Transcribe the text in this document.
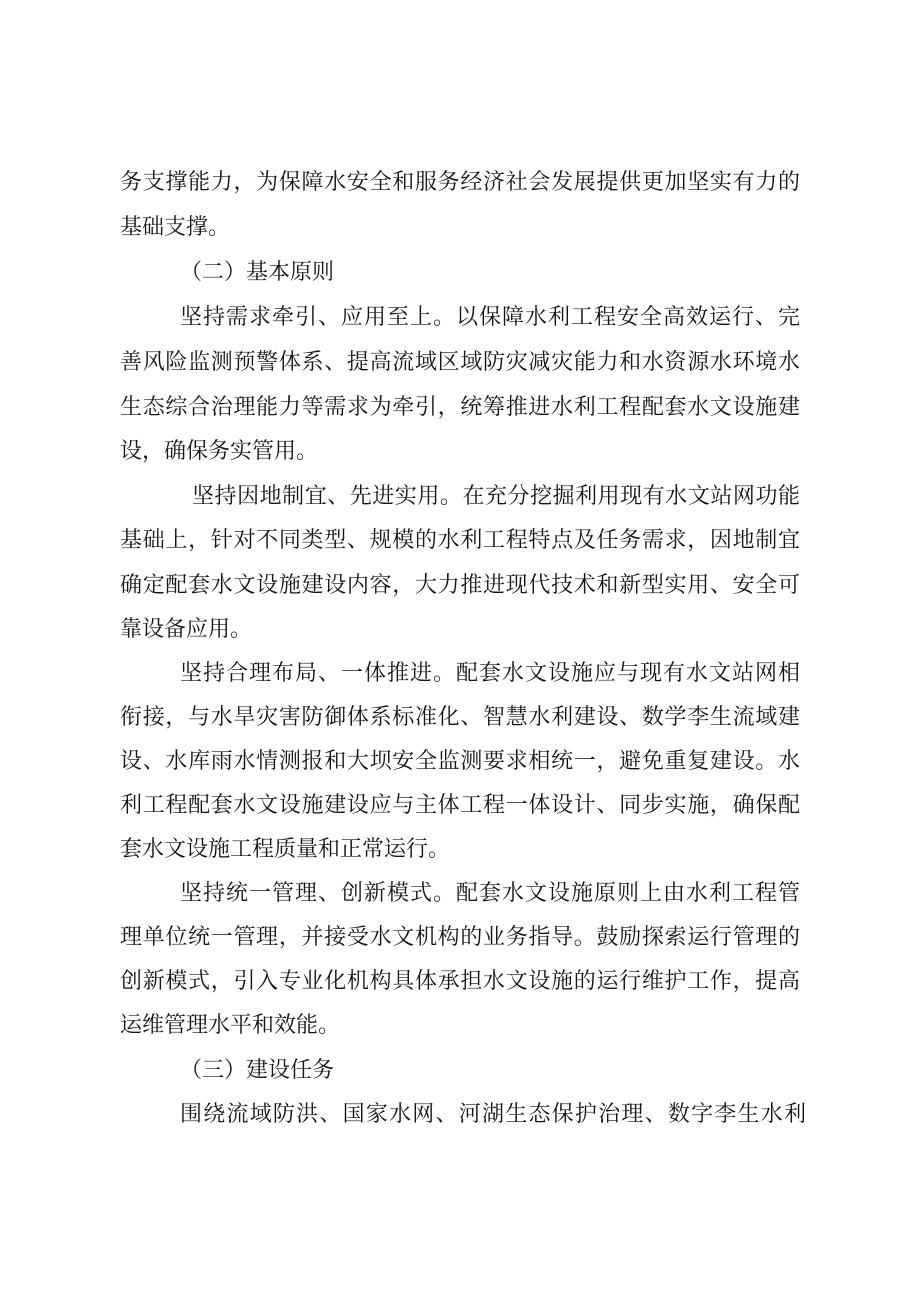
务支撑能力，为保障水安全和服务经济社会发展提供更加坚实有力的
基础支撑。
（二）基本原则
坚持需求牵引、应用至上。以保障水利工程安全高效运行、完
善风险监测预警体系、提高流域区域防灾减灾能力和水资源水环境水
生态综合治理能力等需求为牵引，统筹推进水利工程配套水文设施建
设，确保务实管用。
坚持因地制宜、先进实用。在充分挖掘利用现有水文站网功能
基础上，针对不同类型、规模的水利工程特点及任务需求，因地制宜
确定配套水文设施建设内容，大力推进现代技术和新型实用、安全可
靠设备应用。
坚持合理布局、一体推进。配套水文设施应与现有水文站网相
衔接，与水旱灾害防御体系标准化、智慧水利建设、数学李生流域建
设、水库雨水情测报和大坝安全监测要求相统一，避免重复建设。水
利工程配套水文设施建设应与主体工程一体设计、同步实施，确保配
套水文设施工程质量和正常运行。
坚持统一管理、创新模式。配套水文设施原则上由水利工程管
理单位统一管理，并接受水文机构的业务指导。鼓励探索运行管理的
创新模式，引入专业化机构具体承担水文设施的运行维护工作，提高
运维管理水平和效能。
（三）建设任务
围绕流域防洪、国家水网、河湖生态保护治理、数字李生水利
